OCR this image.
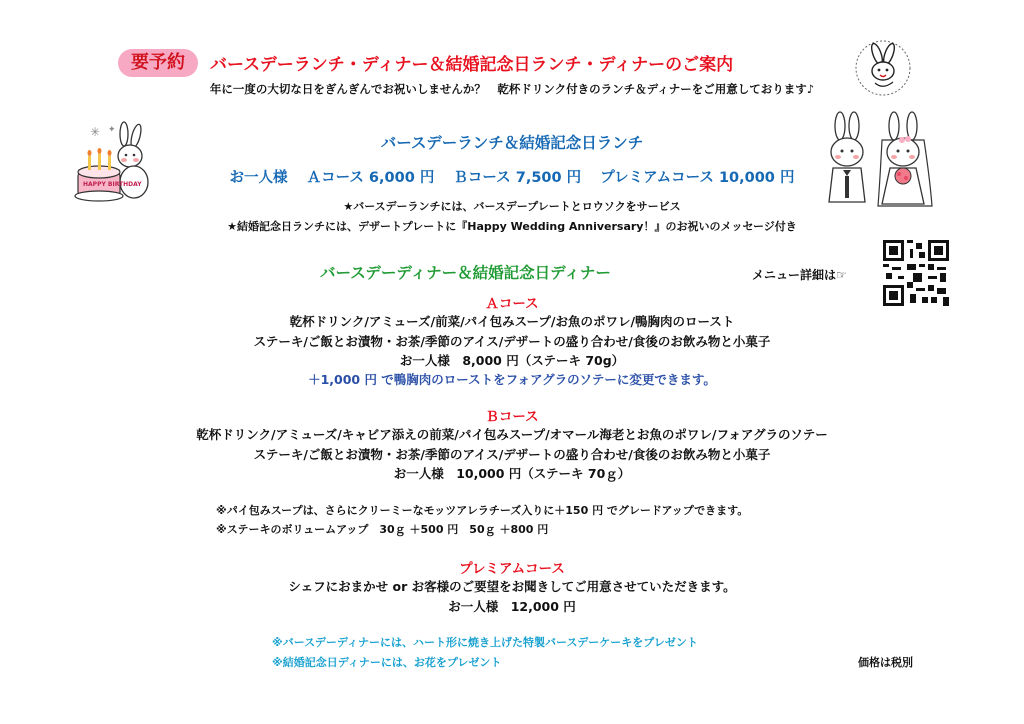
要予約	バースデーランチ・ディナー＆結婚記念日ランチ・ディナーのご案内
年に一度の大切な日をぎんぎんでお祝いしませんか？　乾杯ドリンク付きのランチ＆ディナーをご用意しております♪
✳ ✦
HAPPY BIRTHDAY
バースデーランチ＆結婚記念日ランチ
お一人様 Ａコース 6,000 円 Ｂコース 7,500 円 プレミアムコース 10,000 円
★バースデーランチには、バースデープレートとロウソクをサービス
★結婚記念日ランチには、デザートプレートに『Happy Wedding Anniversary！』のお祝いのメッセージ付き
バースデーディナー＆結婚記念日ディナー	メニュー詳細は☞
Ａコース
乾杯ドリンク/アミューズ/前菜/パイ包みスープ/お魚のポワレ/鴨胸肉のロースト
ステーキ/ご飯とお漬物・お茶/季節のアイス/デザートの盛り合わせ/食後のお飲み物と小菓子
お一人様　8,000 円（ステーキ 70g）
＋1,000 円 で鴨胸肉のローストをフォアグラのソテーに変更できます。
Ｂコース
乾杯ドリンク/アミューズ/キャビア添えの前菜/パイ包みスープ/オマール海老とお魚のポワレ/フォアグラのソテー
ステーキ/ご飯とお漬物・お茶/季節のアイス/デザートの盛り合わせ/食後のお飲み物と小菓子
お一人様　10,000 円（ステーキ 70ｇ）
※パイ包みスープは、さらにクリーミーなモッツアレラチーズ入りに＋150 円 でグレードアップできます。
※ステーキのボリュームアップ　30ｇ ＋500 円　50ｇ ＋800 円
プレミアムコース
シェフにおまかせ or お客様のご要望をお聞きしてご用意させていただきます。
お一人様　12,000 円
※バースデーディナーには、ハート形に焼き上げた特製バースデーケーキをプレゼント
※結婚記念日ディナーには、お花をプレゼント	価格は税別
